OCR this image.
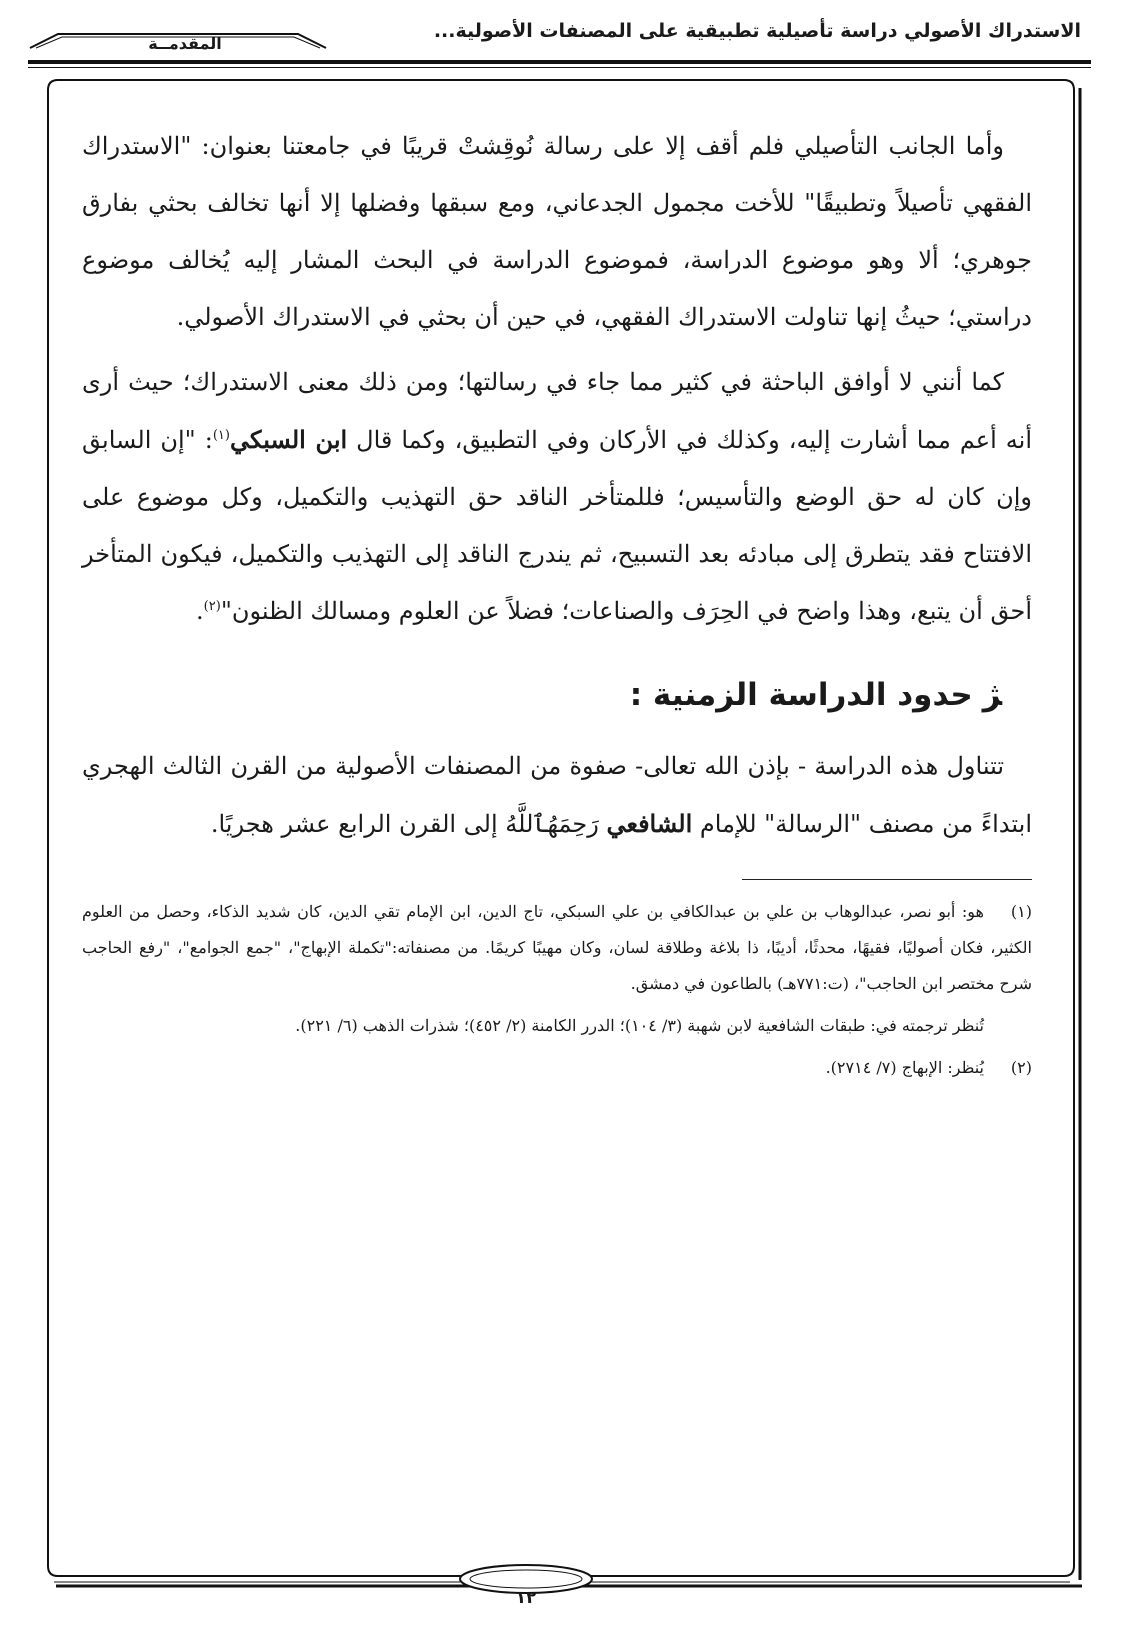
الاستدراك الأصولي دراسة تأصيلية تطبيقية على المصنفات الأصولية...
المقدمــة
١٢

وأما الجانب التأصيلي فلم أقف إلا على رسالة نُوقِشتْ قريبًا في جامعتنا بعنوان: "الاستدراك الفقهي تأصيلاً وتطبيقًا" للأخت مجمول الجدعاني، ومع سبقها وفضلها إلا أنها تخالف بحثي بفارق جوهري؛ ألا وهو موضوع الدراسة، فموضوع الدراسة في البحث المشار إليه يُخالف موضوع دراستي؛ حيثُ إنها تناولت الاستدراك الفقهي، في حين أن بحثي في الاستدراك الأصولي.

كما أنني لا أوافق الباحثة في كثير مما جاء في رسالتها؛ ومن ذلك معنى الاستدراك؛ حيث أرى أنه أعم مما أشارت إليه، وكذلك في الأركان وفي التطبيق، وكما قال ابن السبكي$^{(١)}$: "إن السابق وإن كان له حق الوضع والتأسيس؛ فللمتأخر الناقد حق التهذيب والتكميل، وكل موضوع على الافتتاح فقد يتطرق إلى مبادئه بعد التسبيح، ثم يندرج الناقد إلى التهذيب والتكميل، فيكون المتأخر أحق أن يتبع، وهذا واضح في الحِرَف والصناعات؛ فضلاً عن العلوم ومسالك الظنون"$^{(٢)}$.

ﮋحدود الدراسة الزمنية :

تتناول هذه الدراسة - بإذن الله تعالى- صفوة من المصنفات الأصولية من القرن الثالث الهجري ابتداءً من مصنف "الرسالة" للإمام الشافعي رَحِمَهُٱللَّهُ إلى القرن الرابع عشر هجريًا.

(١)هو: أبو نصر، عبدالوهاب بن علي بن عبدالكافي بن علي السبكي، تاج الدين، ابن الإمام تقي الدين، كان شديد الذكاء، وحصل من العلوم الكثير، فكان أصوليًا، فقيهًا، محدثًا، أديبًا، ذا بلاغة وطلاقة لسان، وكان مهيبًا كريمًا. من مصنفاته:"تكملة الإبهاج"، "جمع الجوامع"، "رفع الحاجب شرح مختصر ابن الحاجب"، (ت:٧٧١هـ) بالطاعون في دمشق.

تُنظر ترجمته في: طبقات الشافعية لابن شهبة (٣/ ١٠٤)؛ الدرر الكامنة (٢/ ٤٥٢)؛ شذرات الذهب (٦/ ٢٢١).

(٢)يُنظر: الإبهاج (٧/ ٢٧١٤).
